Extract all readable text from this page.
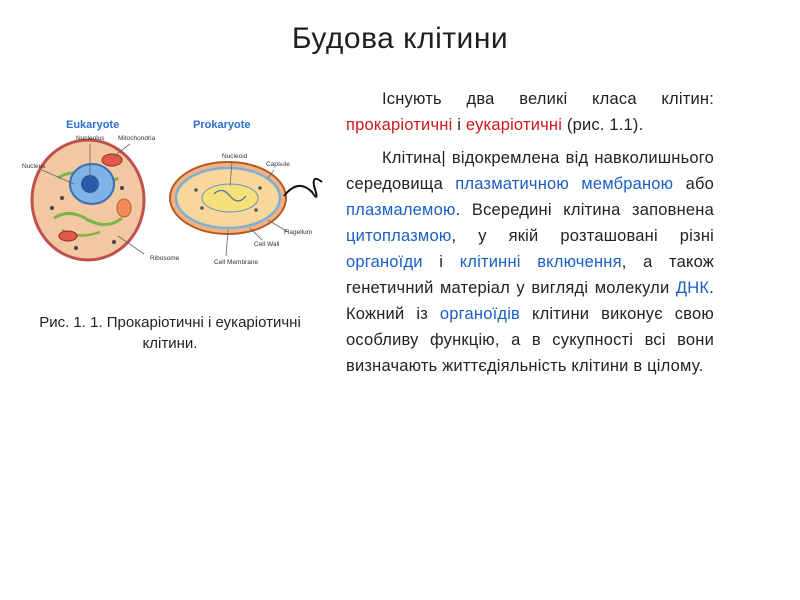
Будова клітини
Eukaryote	Prokaryote
Nucleolus Mitochondria
Nucleus
Ribosome
Nucleoid
Capsule
Flagellum
Cell Wall
Cell Membrane
Рис. 1. 1. Прокаріотичні і еукаріотичні клітини.

Існують два великі класа клітин: прокаріотичні і еукаріотичні (рис. 1.1).

Клітина| відокремлена від навколишнього середовища плазматичною мембраною або плазмалемою. Всередині клітина заповнена цитоплазмою, у якій розташовані різні органоїди і клітинні включення, а також генетичний матеріал у вигляді молекули ДНК. Кожний із органоїдів клітини виконує свою особливу функцію, а в сукупності всі вони визначають життєдіяльність клітини в цілому.
